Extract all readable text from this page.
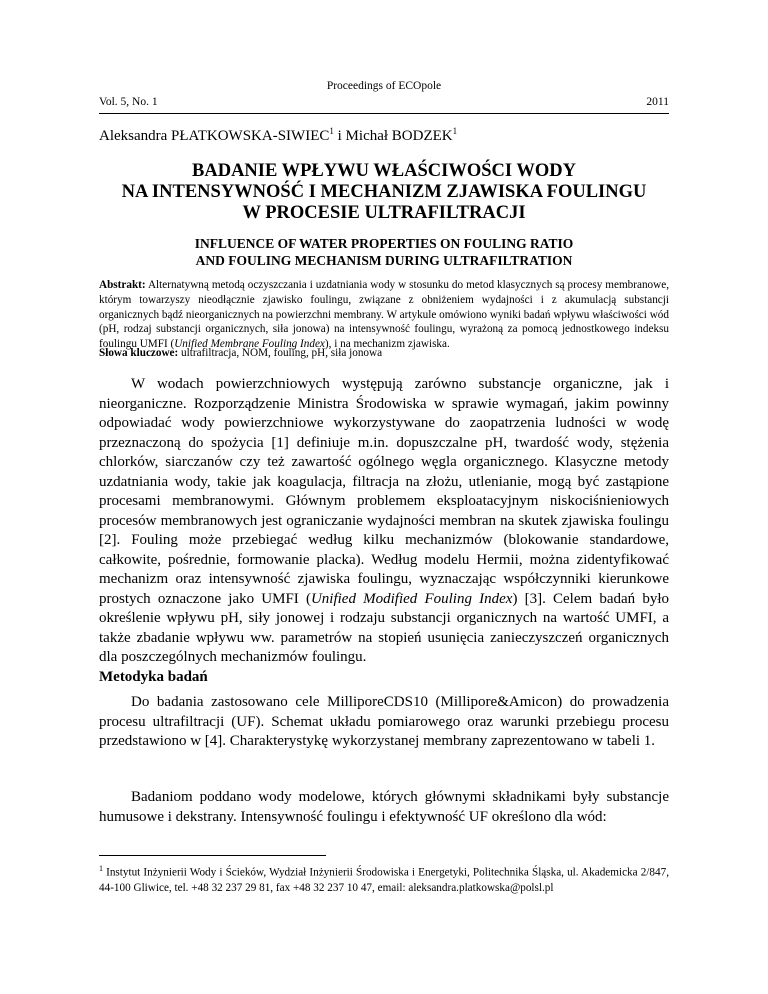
Proceedings of ECOpole
Vol. 5, No. 1	2011
Aleksandra PŁATKOWSKA-SIWIEC$^1$ i Michał BODZEK$^1$
BADANIE WPŁYWU WŁAŚCIWOŚCI WODY
NA INTENSYWNOŚĆ I MECHANIZM ZJAWISKA FOULINGU
W PROCESIE ULTRAFILTRACJI
INFLUENCE OF WATER PROPERTIES ON FOULING RATIO
AND FOULING MECHANISM DURING ULTRAFILTRATION
Abstrakt: Alternatywną metodą oczyszczania i uzdatniania wody w stosunku do metod klasycznych są procesy membranowe, którym towarzyszy nieodłącznie zjawisko foulingu, związane z obniżeniem wydajności i z akumulacją substancji organicznych bądź nieorganicznych na powierzchni membrany. W artykule omówiono wyniki badań wpływu właściwości wód (pH, rodzaj substancji organicznych, siła jonowa) na intensywność foulingu, wyrażoną za pomocą jednostkowego indeksu foulingu UMFI (Unified Membrane Fouling Index), i na mechanizm zjawiska.
Słowa kluczowe: ultrafiltracja, NOM, fouling, pH, siła jonowa

W wodach powierzchniowych występują zarówno substancje organiczne, jak i nieorganiczne. Rozporządzenie Ministra Środowiska w sprawie wymagań, jakim powinny odpowiadać wody powierzchniowe wykorzystywane do zaopatrzenia ludności w wodę przeznaczoną do spożycia [1] definiuje m.in. dopuszczalne pH, twardość wody, stężenia chlorków, siarczanów czy też zawartość ogólnego węgla organicznego. Klasyczne metody uzdatniania wody, takie jak koagulacja, filtracja na złożu, utlenianie, mogą być zastąpione procesami membranowymi. Głównym problemem eksploatacyjnym niskociśnieniowych procesów membranowych jest ograniczanie wydajności membran na skutek zjawiska foulingu [2]. Fouling może przebiegać według kilku mechanizmów (blokowanie standardowe, całkowite, pośrednie, formowanie placka). Według modelu Hermii, można zidentyfikować mechanizm oraz intensywność zjawiska foulingu, wyznaczając współczynniki kierunkowe prostych oznaczone jako UMFI (Unified Modified Fouling Index) [3]. Celem badań było określenie wpływu pH, siły jonowej i rodzaju substancji organicznych na wartość UMFI, a także zbadanie wpływu ww. parametrów na stopień usunięcia zanieczyszczeń organicznych dla poszczególnych mechanizmów foulingu.

Metodyka badań

Do badania zastosowano cele MilliporeCDS10 (Millipore&Amicon) do prowadzenia procesu ultrafiltracji (UF). Schemat układu pomiarowego oraz warunki przebiegu procesu przedstawiono w [4]. Charakterystykę wykorzystanej membrany zaprezentowano w tabeli 1.

Badaniom poddano wody modelowe, których głównymi składnikami były substancje humusowe i dekstrany. Intensywność foulingu i efektywność UF określono dla wód:

$^1$ Instytut Inżynierii Wody i Ścieków, Wydział Inżynierii Środowiska i Energetyki, Politechnika Śląska, ul. Akademicka 2/847, 44-100 Gliwice, tel. +48 32 237 29 81, fax +48 32 237 10 47, email: aleksandra.platkowska@polsl.pl
